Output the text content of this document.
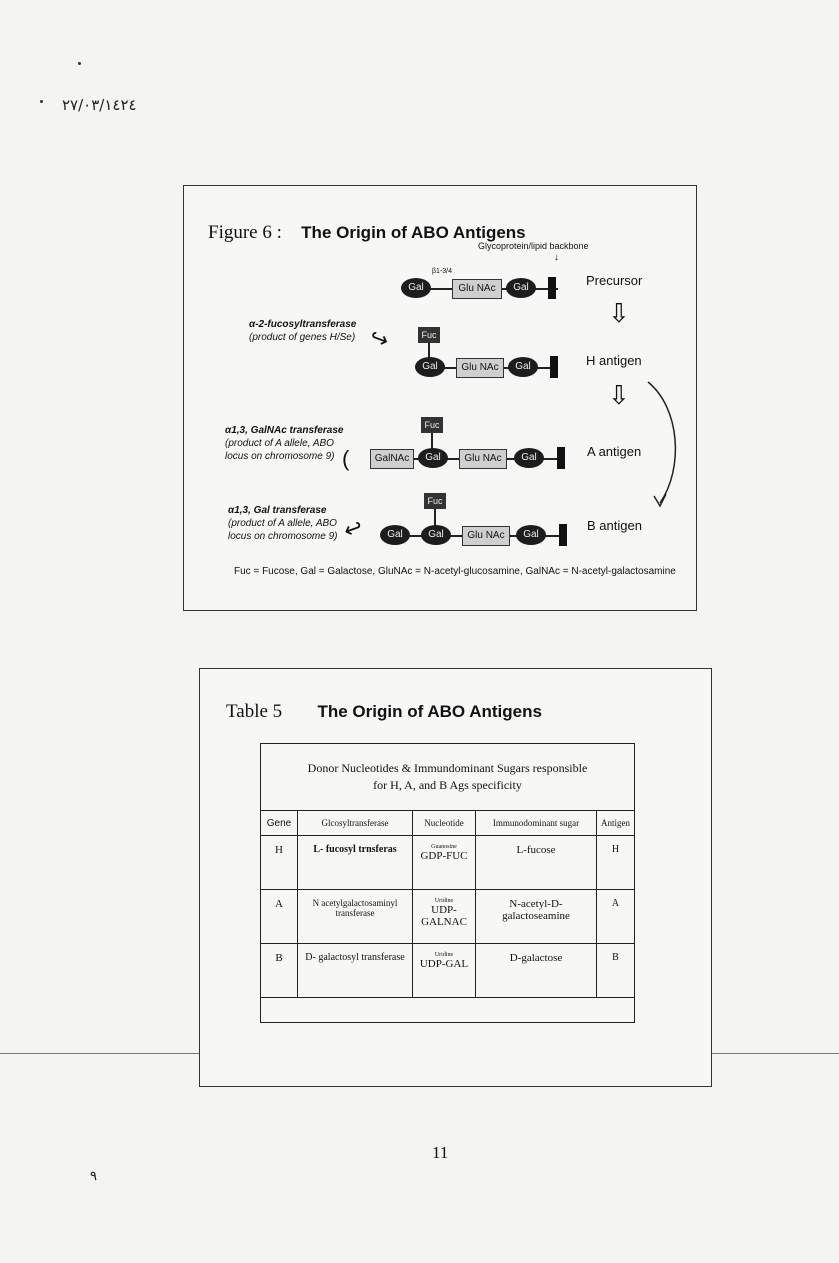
٢٧/٠٣/١٤٢٤
Figure 6 : The Origin of ABO Antigens
Glycoprotein/lipid backbone
↓
Gal
β1-3/4
Glu NAc	Gal	Precursor
⇩
α-2-fucosyltransferase
(product of genes H/Se) ↪	Fuc
Gal	Glu NAc	Gal	H antigen
⇩
α1,3, GalNAc transferase
(product of A allele, ABO
locus on chromosome 9) (
Fuc
GalNAc	Gal	Glu NAc	Gal	A antigen
α1,3, Gal transferase
(product of A allele, ABO
locus on chromosome 9) ↩
Fuc
Gal	Gal	Glu NAc	Gal
B antigen
Fuc = Fucose, Gal = Galactose, GluNAc = N-acetyl-glucosamine, GalNAc = N-acetyl-galactosamine
Table 5 The Origin of ABO Antigens
Donor Nucleotides & Immundominant Sugars responsible
for H, A, and B Ags specificity				
Gene	Glcosyltransferase	Nucleotide	Immunodominant sugar	Antigen
H	L- fucosyl trnsferas	Guanosine
GDP-FUC	L-fucose	H
A	N acetylgalactosaminyl transferase	Uridine
UDP-GALNAC	N-acetyl-D-galactoseamine	A
B	D- galactosyl transferase	Uridine
UDP-GAL	D-galactose	B

11
٩
